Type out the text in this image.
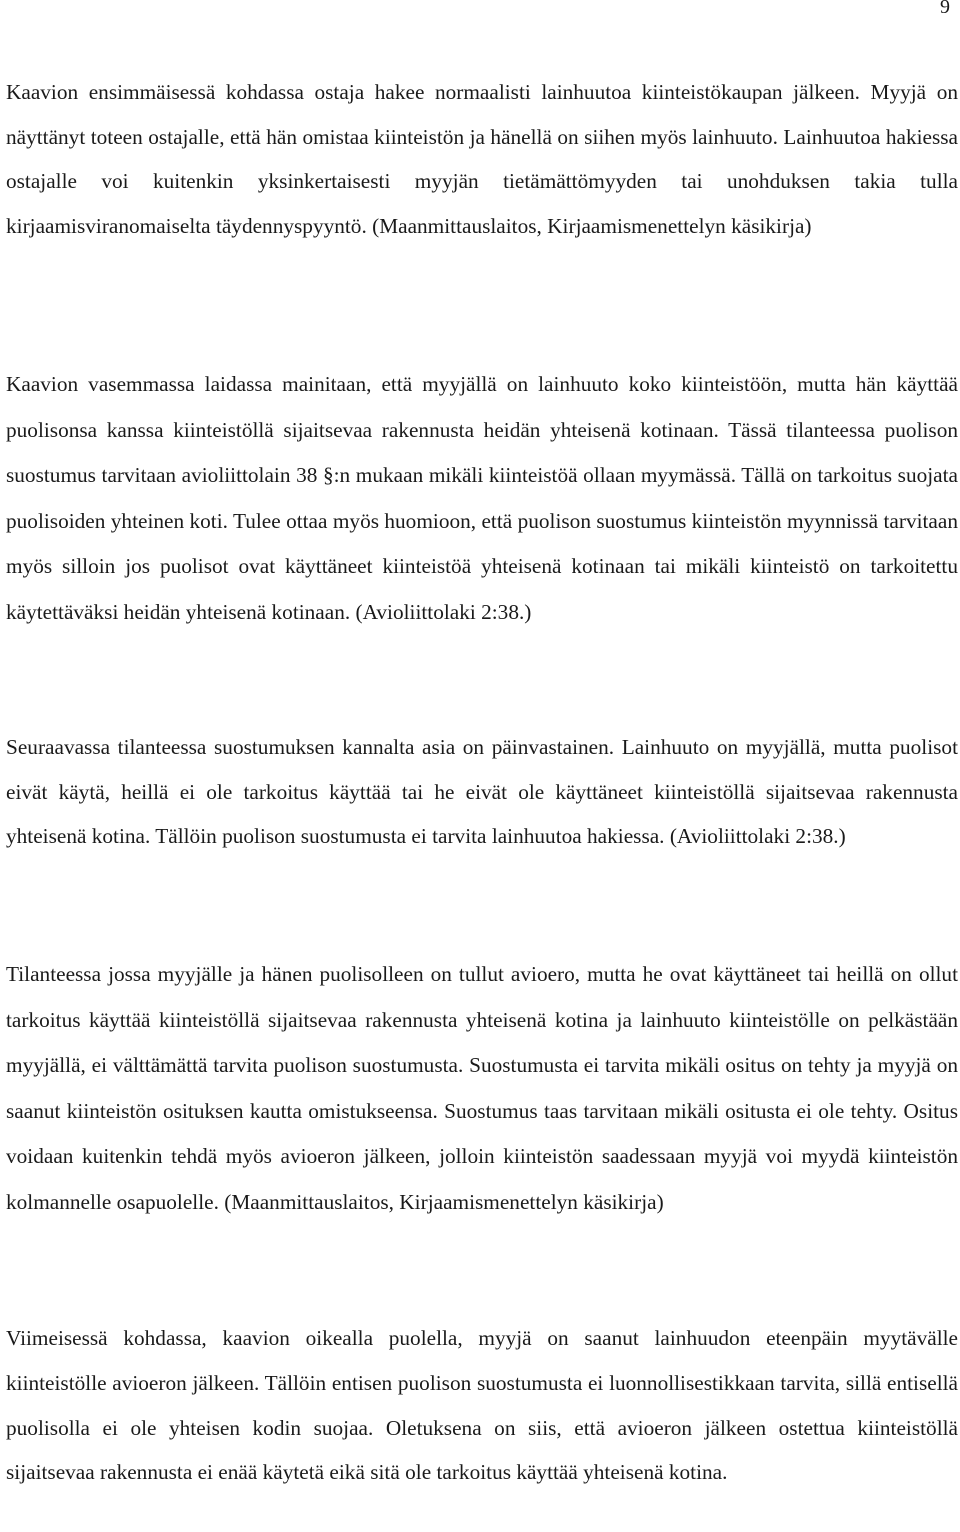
9

Kaavion ensimmäisessä kohdassa ostaja hakee normaalisti lainhuutoa kiinteistökaupan jälkeen. Myyjä on näyttänyt toteen ostajalle, että hän omistaa kiinteistön ja hänellä on siihen myös lainhuuto. Lainhuutoa hakiessa ostajalle voi kuitenkin yksinkertaisesti myyjän tietämättömyyden tai unohduksen takia tulla kirjaamisviranomaiselta täydennyspyyntö. (Maanmittauslaitos, Kirjaamismenettelyn käsikirja)

Kaavion vasemmassa laidassa mainitaan, että myyjällä on lainhuuto koko kiinteistöön, mutta hän käyttää puolisonsa kanssa kiinteistöllä sijaitsevaa rakennusta heidän yhteisenä kotinaan. Tässä tilanteessa puolison suostumus tarvitaan avioliittolain 38 §:n mukaan mikäli kiinteistöä ollaan myymässä. Tällä on tarkoitus suojata puolisoiden yhteinen koti. Tulee ottaa myös huomioon, että puolison suostumus kiinteistön myynnissä tarvitaan myös silloin jos puolisot ovat käyttäneet kiinteistöä yhteisenä kotinaan tai mikäli kiinteistö on tarkoitettu käytettäväksi heidän yhteisenä kotinaan. (Avioliittolaki 2:38.)

Seuraavassa tilanteessa suostumuksen kannalta asia on päinvastainen. Lainhuuto on myyjällä, mutta puolisot eivät käytä, heillä ei ole tarkoitus käyttää tai he eivät ole käyttäneet kiinteistöllä sijaitsevaa rakennusta yhteisenä kotina. Tällöin puolison suostumusta ei tarvita lainhuutoa hakiessa. (Avioliittolaki 2:38.)

Tilanteessa jossa myyjälle ja hänen puolisolleen on tullut avioero, mutta he ovat käyttäneet tai heillä on ollut tarkoitus käyttää kiinteistöllä sijaitsevaa rakennusta yhteisenä kotina ja lainhuuto kiinteistölle on pelkästään myyjällä, ei välttämättä tarvita puolison suostumusta. Suostumusta ei tarvita mikäli ositus on tehty ja myyjä on saanut kiinteistön osituksen kautta omistukseensa. Suostumus taas tarvitaan mikäli ositusta ei ole tehty. Ositus voidaan kuitenkin tehdä myös avioeron jälkeen, jolloin kiinteistön saadessaan myyjä voi myydä kiinteistön kolmannelle osapuolelle. (Maanmittauslaitos, Kirjaamismenettelyn käsikirja)

Viimeisessä kohdassa, kaavion oikealla puolella, myyjä on saanut lainhuudon eteenpäin myytävälle kiinteistölle avioeron jälkeen. Tällöin entisen puolison suostumusta ei luonnollisestikkaan tarvita, sillä entisellä puolisolla ei ole yhteisen kodin suojaa. Oletuksena on siis, että avioeron jälkeen ostettua kiinteistöllä sijaitsevaa rakennusta ei enää käytetä eikä sitä ole tarkoitus käyttää yhteisenä kotina.
